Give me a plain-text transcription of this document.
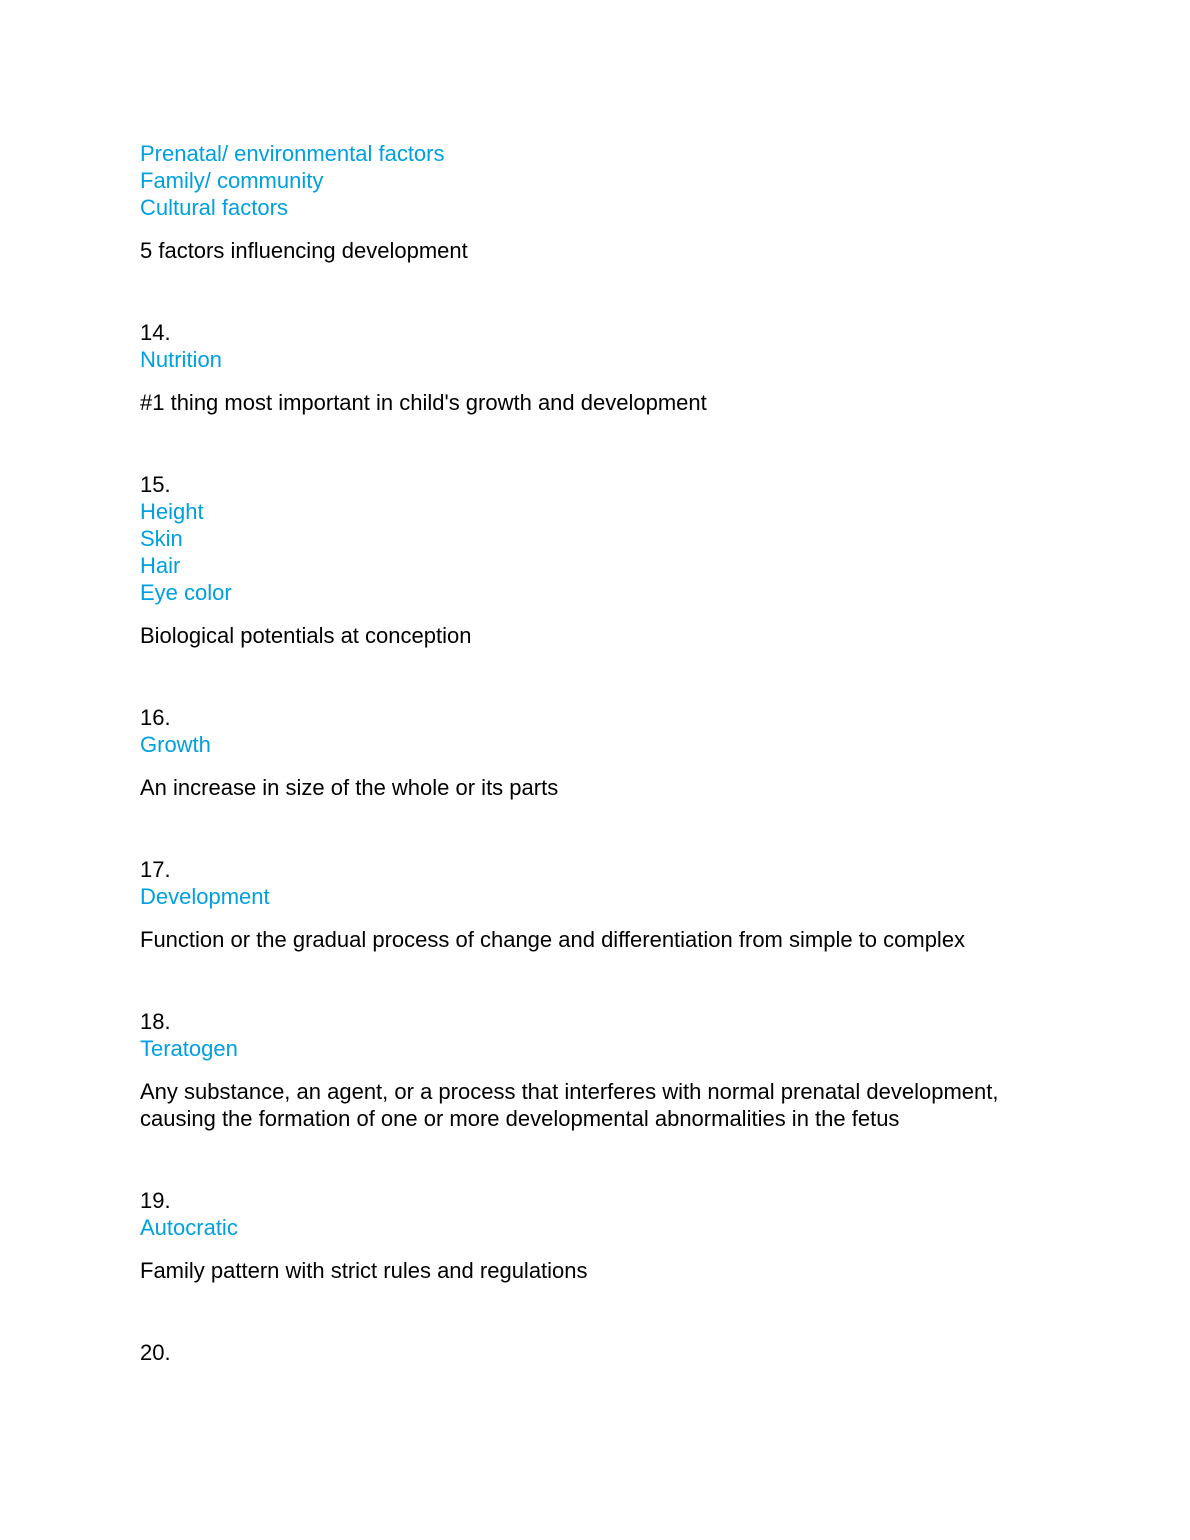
Prenatal/ environmental factors
Family/ community
Cultural factors
5 factors influencing development
14.
Nutrition
#1 thing most important in child's growth and development
15.
Height
Skin
Hair
Eye color
Biological potentials at conception
16.
Growth
An increase in size of the whole or its parts
17.
Development
Function or the gradual process of change and differentiation from simple to complex
18.
Teratogen
Any substance, an agent, or a process that interferes with normal prenatal development, causing the formation of one or more developmental abnormalities in the fetus
19.
Autocratic
Family pattern with strict rules and regulations
20.
